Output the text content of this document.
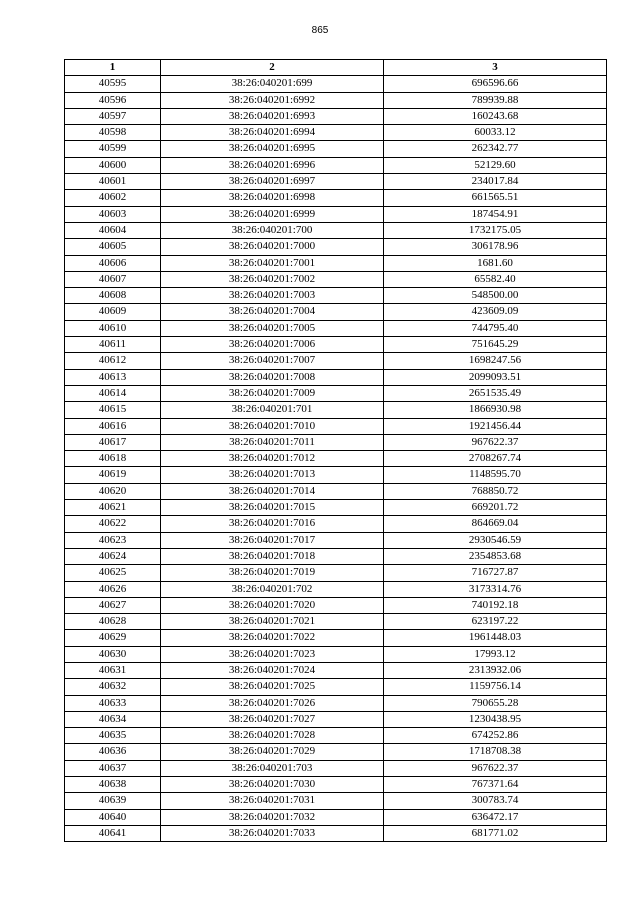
865
1	2	3
40595	38:26:040201:699	696596.66
40596	38:26:040201:6992	789939.88
40597	38:26:040201:6993	160243.68
40598	38:26:040201:6994	60033.12
40599	38:26:040201:6995	262342.77
40600	38:26:040201:6996	52129.60
40601	38:26:040201:6997	234017.84
40602	38:26:040201:6998	661565.51
40603	38:26:040201:6999	187454.91
40604	38:26:040201:700	1732175.05
40605	38:26:040201:7000	306178.96
40606	38:26:040201:7001	1681.60
40607	38:26:040201:7002	65582.40
40608	38:26:040201:7003	548500.00
40609	38:26:040201:7004	423609.09
40610	38:26:040201:7005	744795.40
40611	38:26:040201:7006	751645.29
40612	38:26:040201:7007	1698247.56
40613	38:26:040201:7008	2099093.51
40614	38:26:040201:7009	2651535.49
40615	38:26:040201:701	1866930.98
40616	38:26:040201:7010	1921456.44
40617	38:26:040201:7011	967622.37
40618	38:26:040201:7012	2708267.74
40619	38:26:040201:7013	1148595.70
40620	38:26:040201:7014	768850.72
40621	38:26:040201:7015	669201.72
40622	38:26:040201:7016	864669.04
40623	38:26:040201:7017	2930546.59
40624	38:26:040201:7018	2354853.68
40625	38:26:040201:7019	716727.87
40626	38:26:040201:702	3173314.76
40627	38:26:040201:7020	740192.18
40628	38:26:040201:7021	623197.22
40629	38:26:040201:7022	1961448.03
40630	38:26:040201:7023	17993.12
40631	38:26:040201:7024	2313932.06
40632	38:26:040201:7025	1159756.14
40633	38:26:040201:7026	790655.28
40634	38:26:040201:7027	1230438.95
40635	38:26:040201:7028	674252.86
40636	38:26:040201:7029	1718708.38
40637	38:26:040201:703	967622.37
40638	38:26:040201:7030	767371.64
40639	38:26:040201:7031	300783.74
40640	38:26:040201:7032	636472.17
40641	38:26:040201:7033	681771.02
